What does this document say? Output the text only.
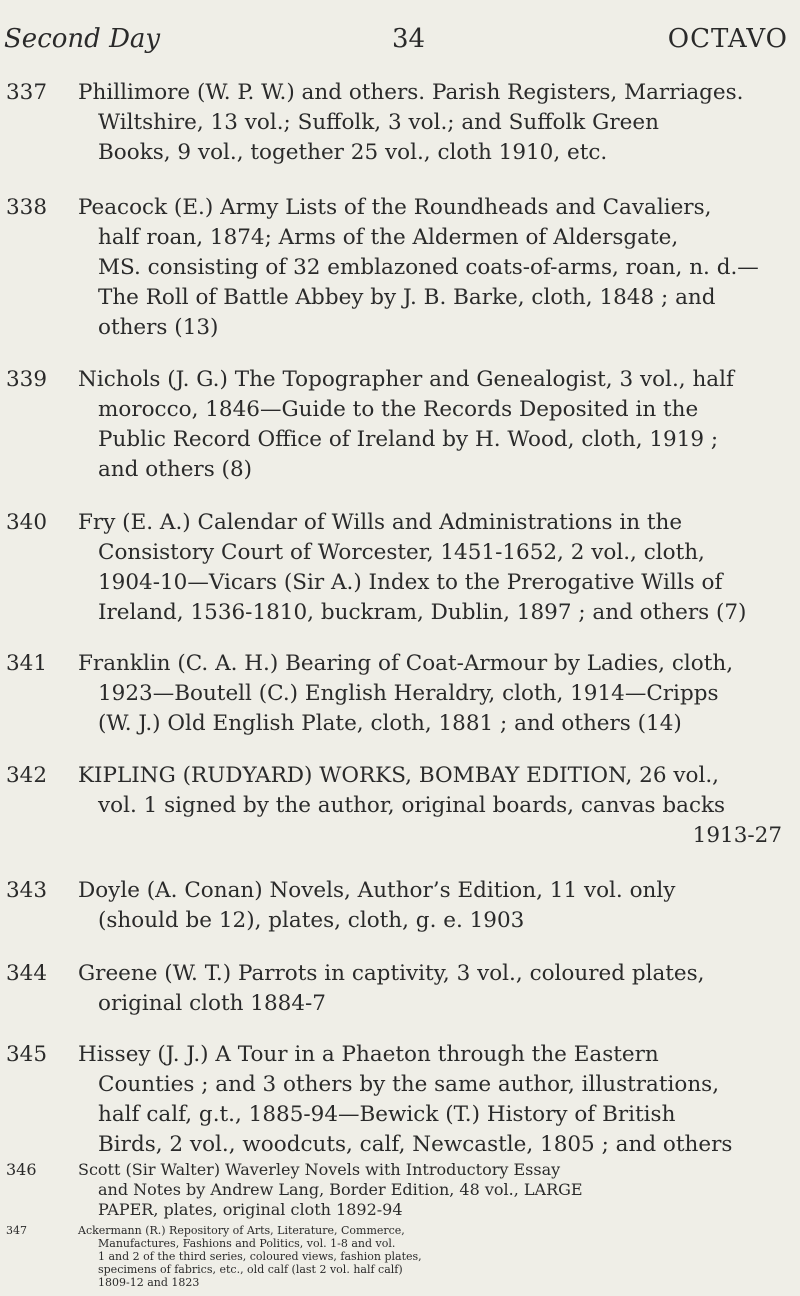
Second Day	34	OCTAVO
337 Phillimore (W. P. W.) and others. Parish Registers, Marriages.
Wiltshire, 13 vol.; Suffolk, 3 vol.; and Suffolk Green
Books, 9 vol., together 25 vol., cloth 1910, etc.
338 Peacock (E.) Army Lists of the Roundheads and Cavaliers,
half roan, 1874; Arms of the Aldermen of Aldersgate,
MS. consisting of 32 emblazoned coats-of-arms, roan, n. d.—
The Roll of Battle Abbey by J. B. Barke, cloth, 1848 ; and
others (13)
339 Nichols (J. G.) The Topographer and Genealogist, 3 vol., half
morocco, 1846—Guide to the Records Deposited in the
Public Record Office of Ireland by H. Wood, cloth, 1919 ;
and others (8)
340 Fry (E. A.) Calendar of Wills and Administrations in the
Consistory Court of Worcester, 1451-1652, 2 vol., cloth,
1904-10—Vicars (Sir A.) Index to the Prerogative Wills of
Ireland, 1536-1810, buckram, Dublin, 1897 ; and others (7)
341 Franklin (C. A. H.) Bearing of Coat-Armour by Ladies, cloth,
1923—Boutell (C.) English Heraldry, cloth, 1914—Cripps
(W. J.) Old English Plate, cloth, 1881 ; and others (14)
342 KIPLING (RUDYARD) WORKS, BOMBAY EDITION, 26 vol.,
vol. 1 signed by the author, original boards, canvas backs
1913-27
343 Doyle (A. Conan) Novels, Author’s Edition, 11 vol. only
(should be 12), plates, cloth, g. e. 1903
344 Greene (W. T.) Parrots in captivity, 3 vol., coloured plates,
original cloth 1884-7
345 Hissey (J. J.) A Tour in a Phaeton through the Eastern
Counties ; and 3 others by the same author, illustrations,
half calf, g.t., 1885-94—Bewick (T.) History of British
Birds, 2 vol., woodcuts, calf, Newcastle, 1805 ; and others
346	Scott (Sir Walter) Waverley Novels with Introductory Essay
and Notes by Andrew Lang, Border Edition, 48 vol., LARGE
PAPER, plates, original cloth 1892-94
347	Ackermann (R.) Repository of Arts, Literature, Commerce,
Manufactures, Fashions and Politics, vol. 1-8 and vol.
1 and 2 of the third series, coloured views, fashion plates,
specimens of fabrics, etc., old calf (last 2 vol. half calf)
1809-12 and 1823
